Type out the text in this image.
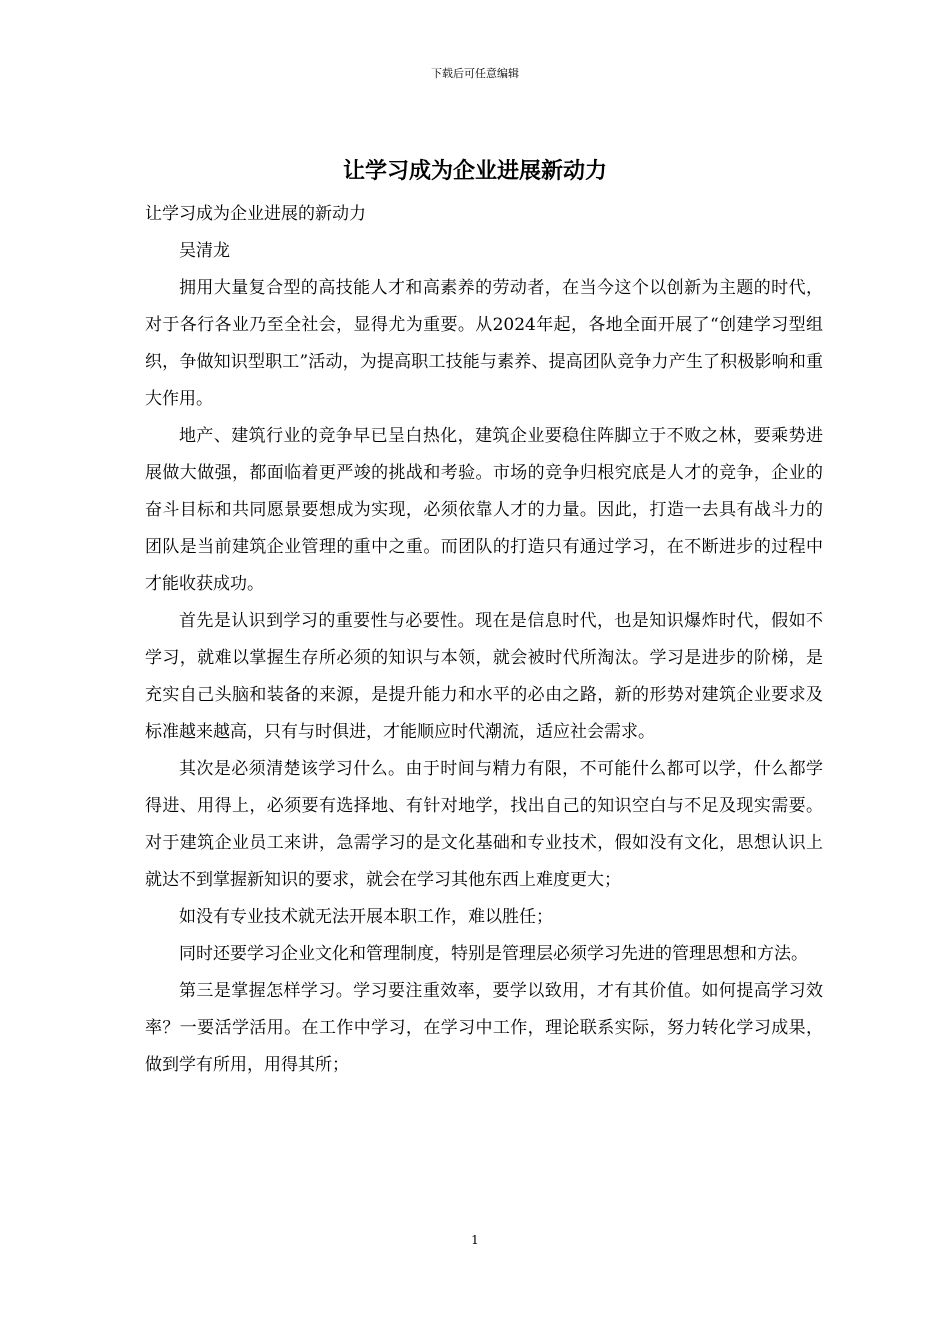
下载后可任意编辑
让学习成为企业进展新动力

让学习成为企业进展的新动力

吴清龙

拥用大量复合型的高技能人才和高素养的劳动者，在当今这个以创新为主题的时代，对于各行各业乃至全社会，显得尤为重要。从2024年起，各地全面开展了“创建学习型组织，争做知识型职工”活动，为提高职工技能与素养、提高团队竞争力产生了积极影响和重大作用。

地产、建筑行业的竞争早已呈白热化，建筑企业要稳住阵脚立于不败之林，要乘势进展做大做强，都面临着更严竣的挑战和考验。市场的竞争归根究底是人才的竞争，企业的奋斗目标和共同愿景要想成为实现，必须依靠人才的力量。因此，打造一去具有战斗力的团队是当前建筑企业管理的重中之重。而团队的打造只有通过学习，在不断进步的过程中才能收获成功。

首先是认识到学习的重要性与必要性。现在是信息时代，也是知识爆炸时代，假如不学习，就难以掌握生存所必须的知识与本领，就会被时代所淘汰。学习是进步的阶梯，是充实自己头脑和装备的来源，是提升能力和水平的必由之路，新的形势对建筑企业要求及标准越来越高，只有与时俱进，才能顺应时代潮流，适应社会需求。

其次是必须清楚该学习什么。由于时间与精力有限，不可能什么都可以学，什么都学得进、用得上，必须要有选择地、有针对地学，找出自己的知识空白与不足及现实需要。对于建筑企业员工来讲，急需学习的是文化基础和专业技术，假如没有文化，思想认识上就达不到掌握新知识的要求，就会在学习其他东西上难度更大；

如没有专业技术就无法开展本职工作，难以胜任；

同时还要学习企业文化和管理制度，特别是管理层必须学习先进的管理思想和方法。

第三是掌握怎样学习。学习要注重效率，要学以致用，才有其价值。如何提高学习效率？一要活学活用。在工作中学习，在学习中工作，理论联系实际，努力转化学习成果，做到学有所用，用得其所；

1
